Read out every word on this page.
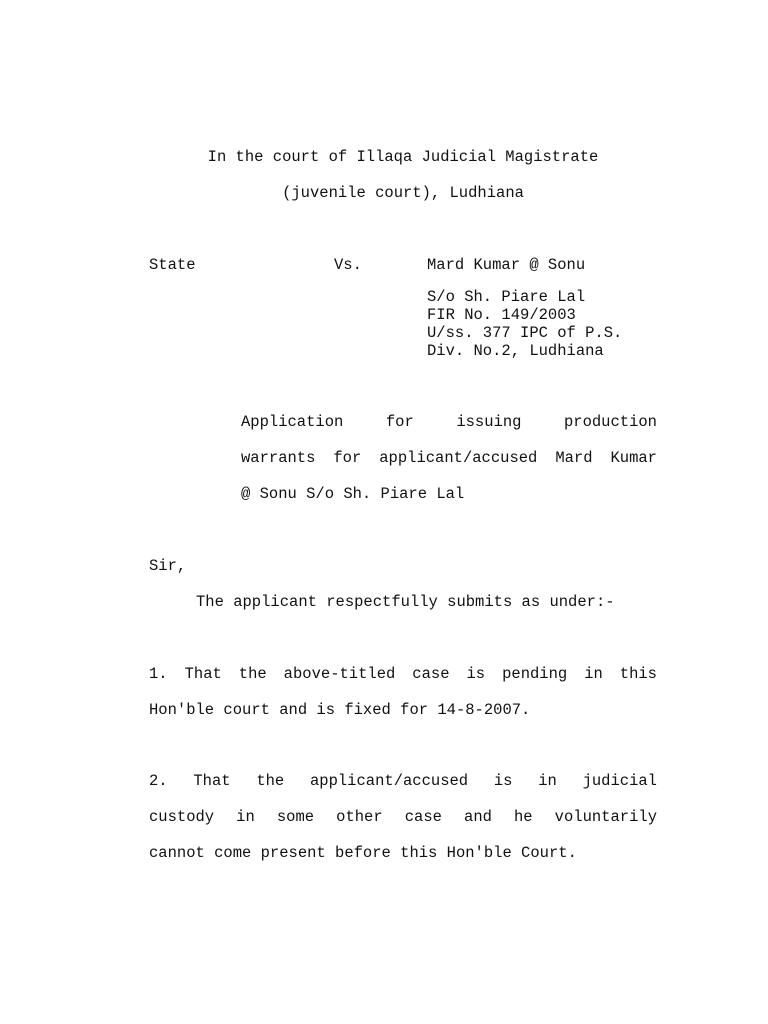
In the court of Illaqa Judicial Magistrate
(juvenile court), Ludhiana
State	Vs.	Mard Kumar @ Sonu
S/o Sh. Piare Lal
FIR No. 149/2003
U/ss. 377 IPC of P.S.
Div. No.2, Ludhiana
Application for issuing production
warrants for applicant/accused Mard Kumar
@ Sonu S/o Sh. Piare Lal
Sir,
The applicant respectfully submits as under:-
1. That the above-titled case is pending in this
Hon'ble court and is fixed for 14-8-2007.
2. That the applicant/accused is in judicial
custody in some other case and he voluntarily
cannot come present before this Hon'ble Court.
